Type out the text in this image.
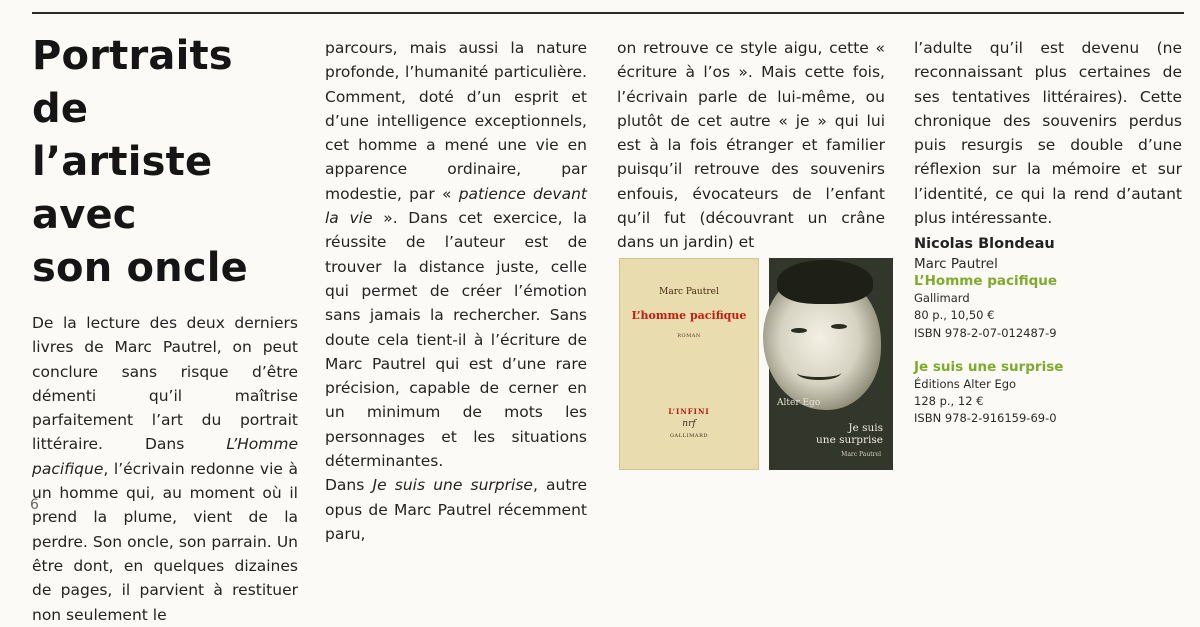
Portraits de
l’artiste avec
son oncle

De la lecture des deux derniers livres de Marc Pautrel, on peut conclure sans risque d’être démenti qu’il maîtrise parfaitement l’art du portrait littéraire. Dans L’Homme pacifique, l’écrivain redonne vie à un homme qui, au moment où il prend la plume, vient de la perdre. Son oncle, son parrain. Un être dont, en quelques dizaines de pages, il parvient à restituer non seulement le

parcours, mais aussi la nature profonde, l’humanité particulière. Comment, doté d’un esprit et d’une intelligence exceptionnels, cet homme a mené une vie en apparence ordinaire, par modestie, par « patience devant la vie ». Dans cet exercice, la réussite de l’auteur est de trouver la distance juste, celle qui permet de créer l’émotion sans jamais la rechercher. Sans doute cela tient-il à l’écriture de Marc Pautrel qui est d’une rare précision, capable de cerner en un minimum de mots les personnages et les situations déterminantes.

Dans Je suis une surprise, autre opus de Marc Pautrel récemment paru,

on retrouve ce style aigu, cette « écriture à l’os ». Mais cette fois, l’écrivain parle de lui-même, ou plutôt de cet autre « je » qui lui est à la fois étranger et familier puisqu’il retrouve des souvenirs enfouis, évocateurs de l’enfant qu’il fut (découvrant un crâne dans un jardin) et

l’adulte qu’il est devenu (ne reconnaissant plus certaines de ses tentatives littéraires). Cette chronique des souvenirs perdus puis resurgis se double d’une réflexion sur la mémoire et sur l’identité, ce qui la rend d’autant plus intéressante.

Nicolas Blondeau

Marc Pautrel
L’homme pacifique
ROMAN
L’INFINI
nrf
GALLIMARD
Alter Ego
Je suis
une surprise
Marc Pautrel
Marc Pautrel
L’Homme pacifique
Gallimard
80 p., 10,50 €
ISBN 978-2-07-012487-9
Je suis une surprise
Éditions Alter Ego
128 p., 12 €
ISBN 978-2-916159-69-0
6
